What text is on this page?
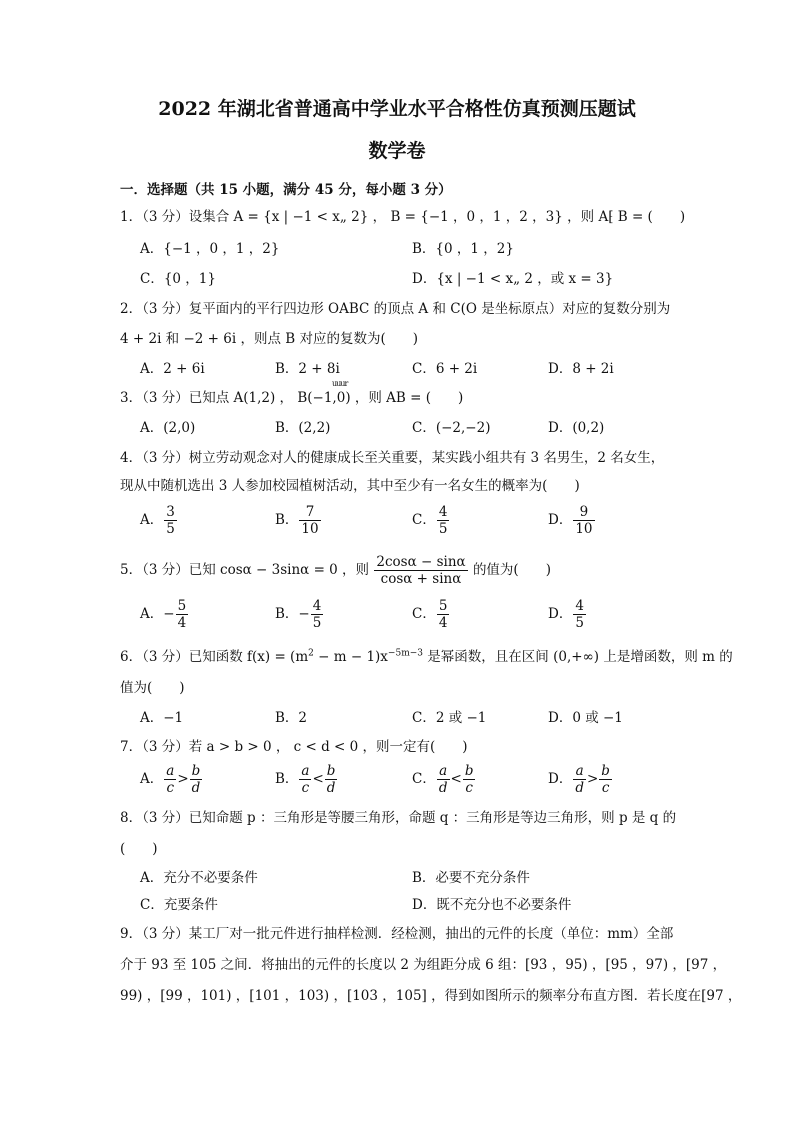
2022 年湖北省普通高中学业水平合格性仿真预测压题试
数学卷
一．选择题（共 15 小题，满分 45 分，每小题 3 分）
1．（3 分）设集合 A = {x | −1 < x„ 2} ， B = {−1 ，0 ，1 ，2 ，3} ，则 A⁅ B = (　　)
A．{−1 ，0 ，1 ，2}	B．{0 ，1 ，2}
C．{0 ，1}	D．{x | −1 < x„ 2 ，或 x = 3}
2．（3 分）复平面内的平行四边形 OABC 的顶点 A 和 C(O 是坐标原点）对应的复数分别为
4 + 2i 和 −2 + 6i ，则点 B 对应的复数为(　　)
A．2 + 6i	B．2 + 8i	C．6 + 2i	D．8 + 2i
uuur
3．（3 分）已知点 A(1,2) ， B(−1,0) ，则 AB = (　　)
A．(2,0)	B．(2,2)	C．(−2,−2)	D．(0,2)
4．（3 分）树立劳动观念对人的健康成长至关重要，某实践小组共有 3 名男生，2 名女生，
现从中随机选出 3 人参加校园植树活动，其中至少有一名女生的概率为(　　)
A． $\frac{3}{5}$	B． $\frac{7}{10}$	C． $\frac{4}{5}$	D． $\frac{9}{10}$
5．（3 分）已知 cosα − 3sinα = 0 ，则 $\frac{2\cos\alpha - \sin\alpha}{\cos\alpha + \sin\alpha}$ 的值为(　　)
A．− $\frac{5}{4}$	B．− $\frac{4}{5}$	C． $\frac{5}{4}$	D． $\frac{4}{5}$
6．（3 分）已知函数 $f(x) = (m^2 - m - 1)x^{-5m-3}$ 是幂函数，且在区间 (0,+∞) 上是增函数，则 m 的
值为(　　)
A．−1	B．2	C．2 或 −1	D．0 或 −1
7．（3 分）若 a > b > 0 ， c < d < 0 ，则一定有(　　)
A． $\frac{a}{c} > \frac{b}{d}$	B． $\frac{a}{c} < \frac{b}{d}$	C． $\frac{a}{d} < \frac{b}{c}$	D． $\frac{a}{d} > \frac{b}{c}$
8．（3 分）已知命题 p ：三角形是等腰三角形，命题 q ：三角形是等边三角形，则 p 是 q 的
(　　)
A．充分不必要条件	B．必要不充分条件
C．充要条件	D．既不充分也不必要条件
9．（3 分）某工厂对一批元件进行抽样检测．经检测，抽出的元件的长度（单位：mm）全部
介于 93 至 105 之间．将抽出的元件的长度以 2 为组距分成 6 组：[93 ，95) ，[95 ，97) ，[97 ，
99) ，[99 ，101) ，[101 ，103) ，[103 ，105] ，得到如图所示的频率分布直方图．若长度在[97 ，
